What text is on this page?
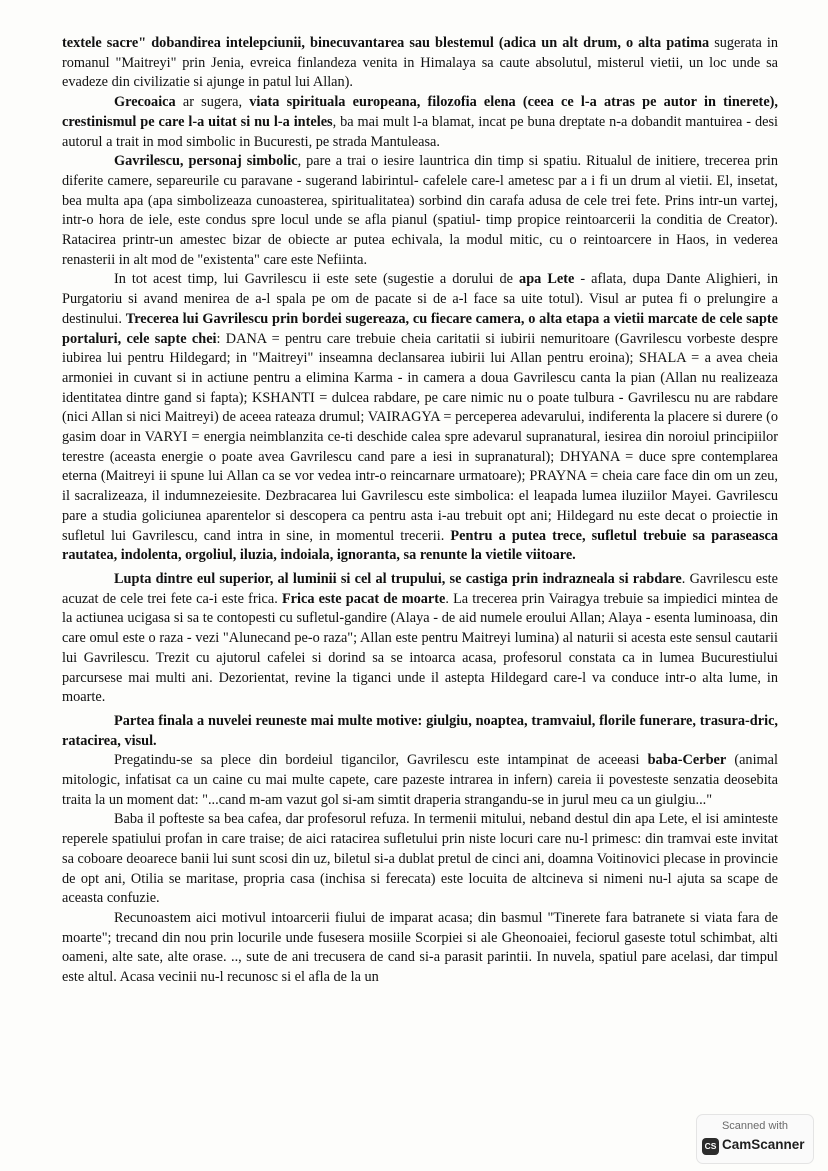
textele sacre" dobandirea intelepciunii, binecuvantarea sau blestemul (adica un alt drum, o alta patima sugerata in romanul "Maitreyi" prin Jenia, evreica finlandeza venita in Himalaya sa caute absolutul, misterul vietii, un loc unde sa evadeze din civilizatie si ajunge in patul lui Allan).

Grecoaica ar sugera, viata spirituala europeana, filozofia elena (ceea ce l-a atras pe autor in tinerete), crestinismul pe care l-a uitat si nu l-a inteles, ba mai mult l-a blamat, incat pe buna dreptate n-a dobandit mantuirea - desi autorul a trait in mod simbolic in Bucuresti, pe strada Mantuleasa.

Gavrilescu, personaj simbolic, pare a trai o iesire launtrica din timp si spatiu. Ritualul de initiere, trecerea prin diferite camere, separeurile cu paravane - sugerand labirintul- cafelele care-l ametesc par a i fi un drum al vietii. El, insetat, bea multa apa (apa simbolizeaza cunoasterea, spiritualitatea) sorbind din carafa adusa de cele trei fete. Prins intr-un vartej, intr-o hora de iele, este condus spre locul unde se afla pianul (spatiul- timp propice reintoarcerii la conditia de Creator). Ratacirea printr-un amestec bizar de obiecte ar putea echivala, la modul mitic, cu o reintoarcere in Haos, in vederea renasterii in alt mod de "existenta" care este Nefiinta.

In tot acest timp, lui Gavrilescu ii este sete (sugestie a dorului de apa Lete - aflata, dupa Dante Alighieri, in Purgatoriu si avand menirea de a-l spala pe om de pacate si de a-l face sa uite totul). Visul ar putea fi o prelungire a destinului. Trecerea lui Gavrilescu prin bordei sugereaza, cu fiecare camera, o alta etapa a vietii marcate de cele sapte portaluri, cele sapte chei: DANA = pentru care trebuie cheia caritatii si iubirii nemuritoare (Gavrilescu vorbeste despre iubirea lui pentru Hildegard; in "Maitreyi" inseamna declansarea iubirii lui Allan pentru eroina); SHALA = a avea cheia armoniei in cuvant si in actiune pentru a elimina Karma - in camera a doua Gavrilescu canta la pian (Allan nu realizeaza identitatea dintre gand si fapta); KSHANTI = dulcea rabdare, pe care nimic nu o poate tulbura - Gavrilescu nu are rabdare (nici Allan si nici Maitreyi) de aceea rateaza drumul; VAIRAGYA = perceperea adevarului, indiferenta la placere si durere (o gasim doar in VARYI = energia neimblanzita ce-ti deschide calea spre adevarul supranatural, iesirea din noroiul principiilor terestre (aceasta energie o poate avea Gavrilescu cand pare a iesi in supranatural); DHYANA = duce spre contemplarea eterna (Maitreyi ii spune lui Allan ca se vor vedea intr-o reincarnare urmatoare); PRAYNA = cheia care face din om un zeu, il sacralizeaza, il indumnezeiesite. Dezbracarea lui Gavrilescu este simbolica: el leapada lumea iluziilor Mayei. Gavrilescu pare a studia goliciunea aparentelor si descopera ca pentru asta i-au trebuit opt ani; Hildegard nu este decat o proiectie in sufletul lui Gavrilescu, cand intra in sine, in momentul trecerii. Pentru a putea trece, sufletul trebuie sa paraseasca rautatea, indolenta, orgoliul, iluzia, indoiala, ignoranta, sa renunte la vietile viitoare.

Lupta dintre eul superior, al luminii si cel al trupului, se castiga prin indrazneala si rabdare. Gavrilescu este acuzat de cele trei fete ca-i este frica. Frica este pacat de moarte. La trecerea prin Vairagya trebuie sa impiedici mintea de la actiunea ucigasa si sa te contopesti cu sufletul-gandire (Alaya - de aid numele eroului Allan; Alaya - esenta luminoasa, din care omul este o raza - vezi "Alunecand pe-o raza"; Allan este pentru Maitreyi lumina) al naturii si acesta este sensul cautarii lui Gavrilescu. Trezit cu ajutorul cafelei si dorind sa se intoarca acasa, profesorul constata ca in lumea Bucurestiului parcursese mai multi ani. Dezorientat, revine la tiganci unde il astepta Hildegard care-l va conduce intr-o alta lume, in moarte.

Partea finala a nuvelei reuneste mai multe motive: giulgiu, noaptea, tramvaiul, florile funerare, trasura-dric, ratacirea, visul.

Pregatindu-se sa plece din bordeiul tigancilor, Gavrilescu este intampinat de aceeasi baba-Cerber (animal mitologic, infatisat ca un caine cu mai multe capete, care pazeste intrarea in infern) careia ii povesteste senzatia deosebita traita la un moment dat: "...cand m-am vazut gol si-am simtit draperia strangandu-se in jurul meu ca un giulgiu..."

Baba il pofteste sa bea cafea, dar profesorul refuza. In termenii mitului, neband destul din apa Lete, el isi aminteste reperele spatiului profan in care traise; de aici ratacirea sufletului prin niste locuri care nu-l primesc: din tramvai este invitat sa coboare deoarece banii lui sunt scosi din uz, biletul si-a dublat pretul de cinci ani, doamna Voitinovici plecase in provincie de opt ani, Otilia se maritase, propria casa (inchisa si ferecata) este locuita de altcineva si nimeni nu-l ajuta sa scape de aceasta confuzie.

Recunoastem aici motivul intoarcerii fiului de imparat acasa; din basmul "Tinerete fara batranete si viata fara de moarte"; trecand din nou prin locurile unde fusesera mosiile Scorpiei si ale Gheonoaiei, feciorul gaseste totul schimbat, alti oameni, alte sate, alte orase. .., sute de ani trecusera de cand si-a parasit parintii. In nuvela, spatiul pare acelasi, dar timpul este altul. Acasa vecinii nu-l recunosc si el afla de la un

Scanned with
CS CamScanner
